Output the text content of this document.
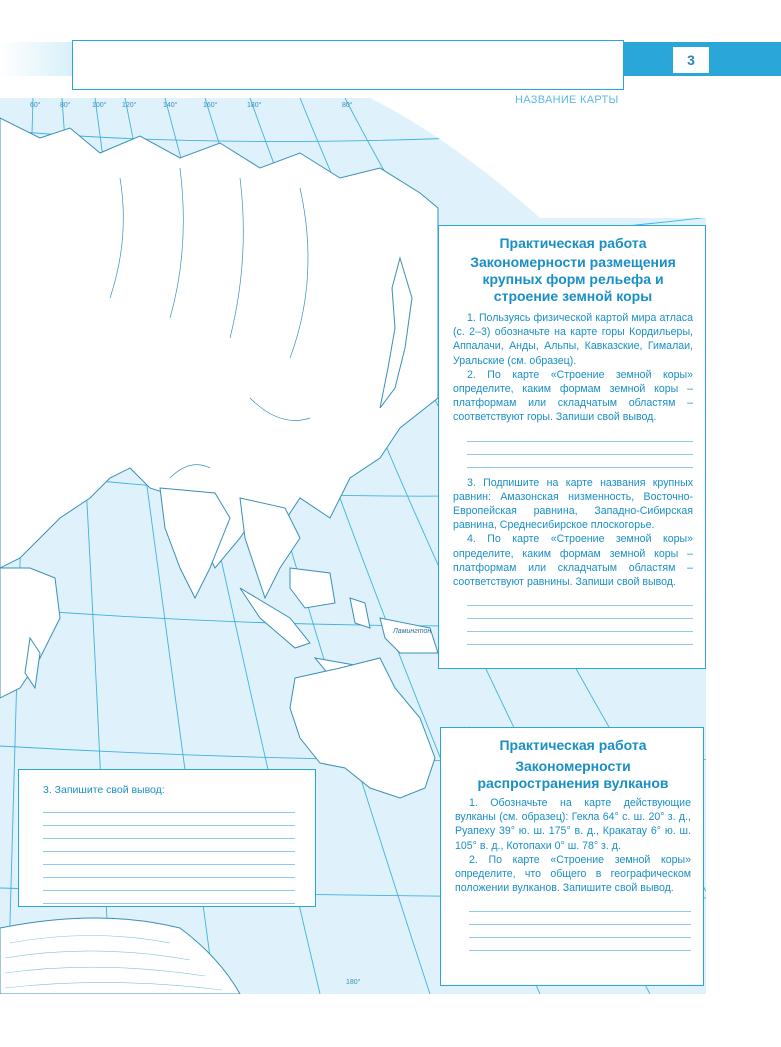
3
НАЗВАНИЕ КАРТЫ
60°	80°	100° 120°	140°	160°	180°	80°
180°
Ламингтон
Практическая работа
Закономерности размещения крупных форм рельефа и строение земной коры

1. Пользуясь физической картой мира атласа (с. 2–3) обозначьте на карте горы Кордильеры, Аппалачи, Анды, Альпы, Кавказские, Гималаи, Уральские (см. образец).

2. По карте «Строение земной коры» определите, каким формам земной коры – платформам или складчатым областям – соответствуют горы. Запиши свой вывод.

3. Подпишите на карте названия крупных равнин: Амазонская низменность, Восточно-Европейская равнина, Западно-Сибирская равнина, Среднесибирское плоскогорье.

4. По карте «Строение земной коры» определите, каким формам земной коры – платформам или складчатым областям – соответствуют равнины. Запиши свой вывод.

Практическая работа
Закономерности распространения вулканов

1. Обозначьте на карте действующие вулканы (см. образец): Гекла 64° с. ш. 20° з. д., Руапеху 39° ю. ш. 175° в. д., Кракатау 6° ю. ш. 105° в. д., Котопахи 0° ш. 78° з. д.

2. По карте «Строение земной коры» определите, что общего в географическом положении вулканов. Запишите свой вывод.

3. Запишите свой вывод:
